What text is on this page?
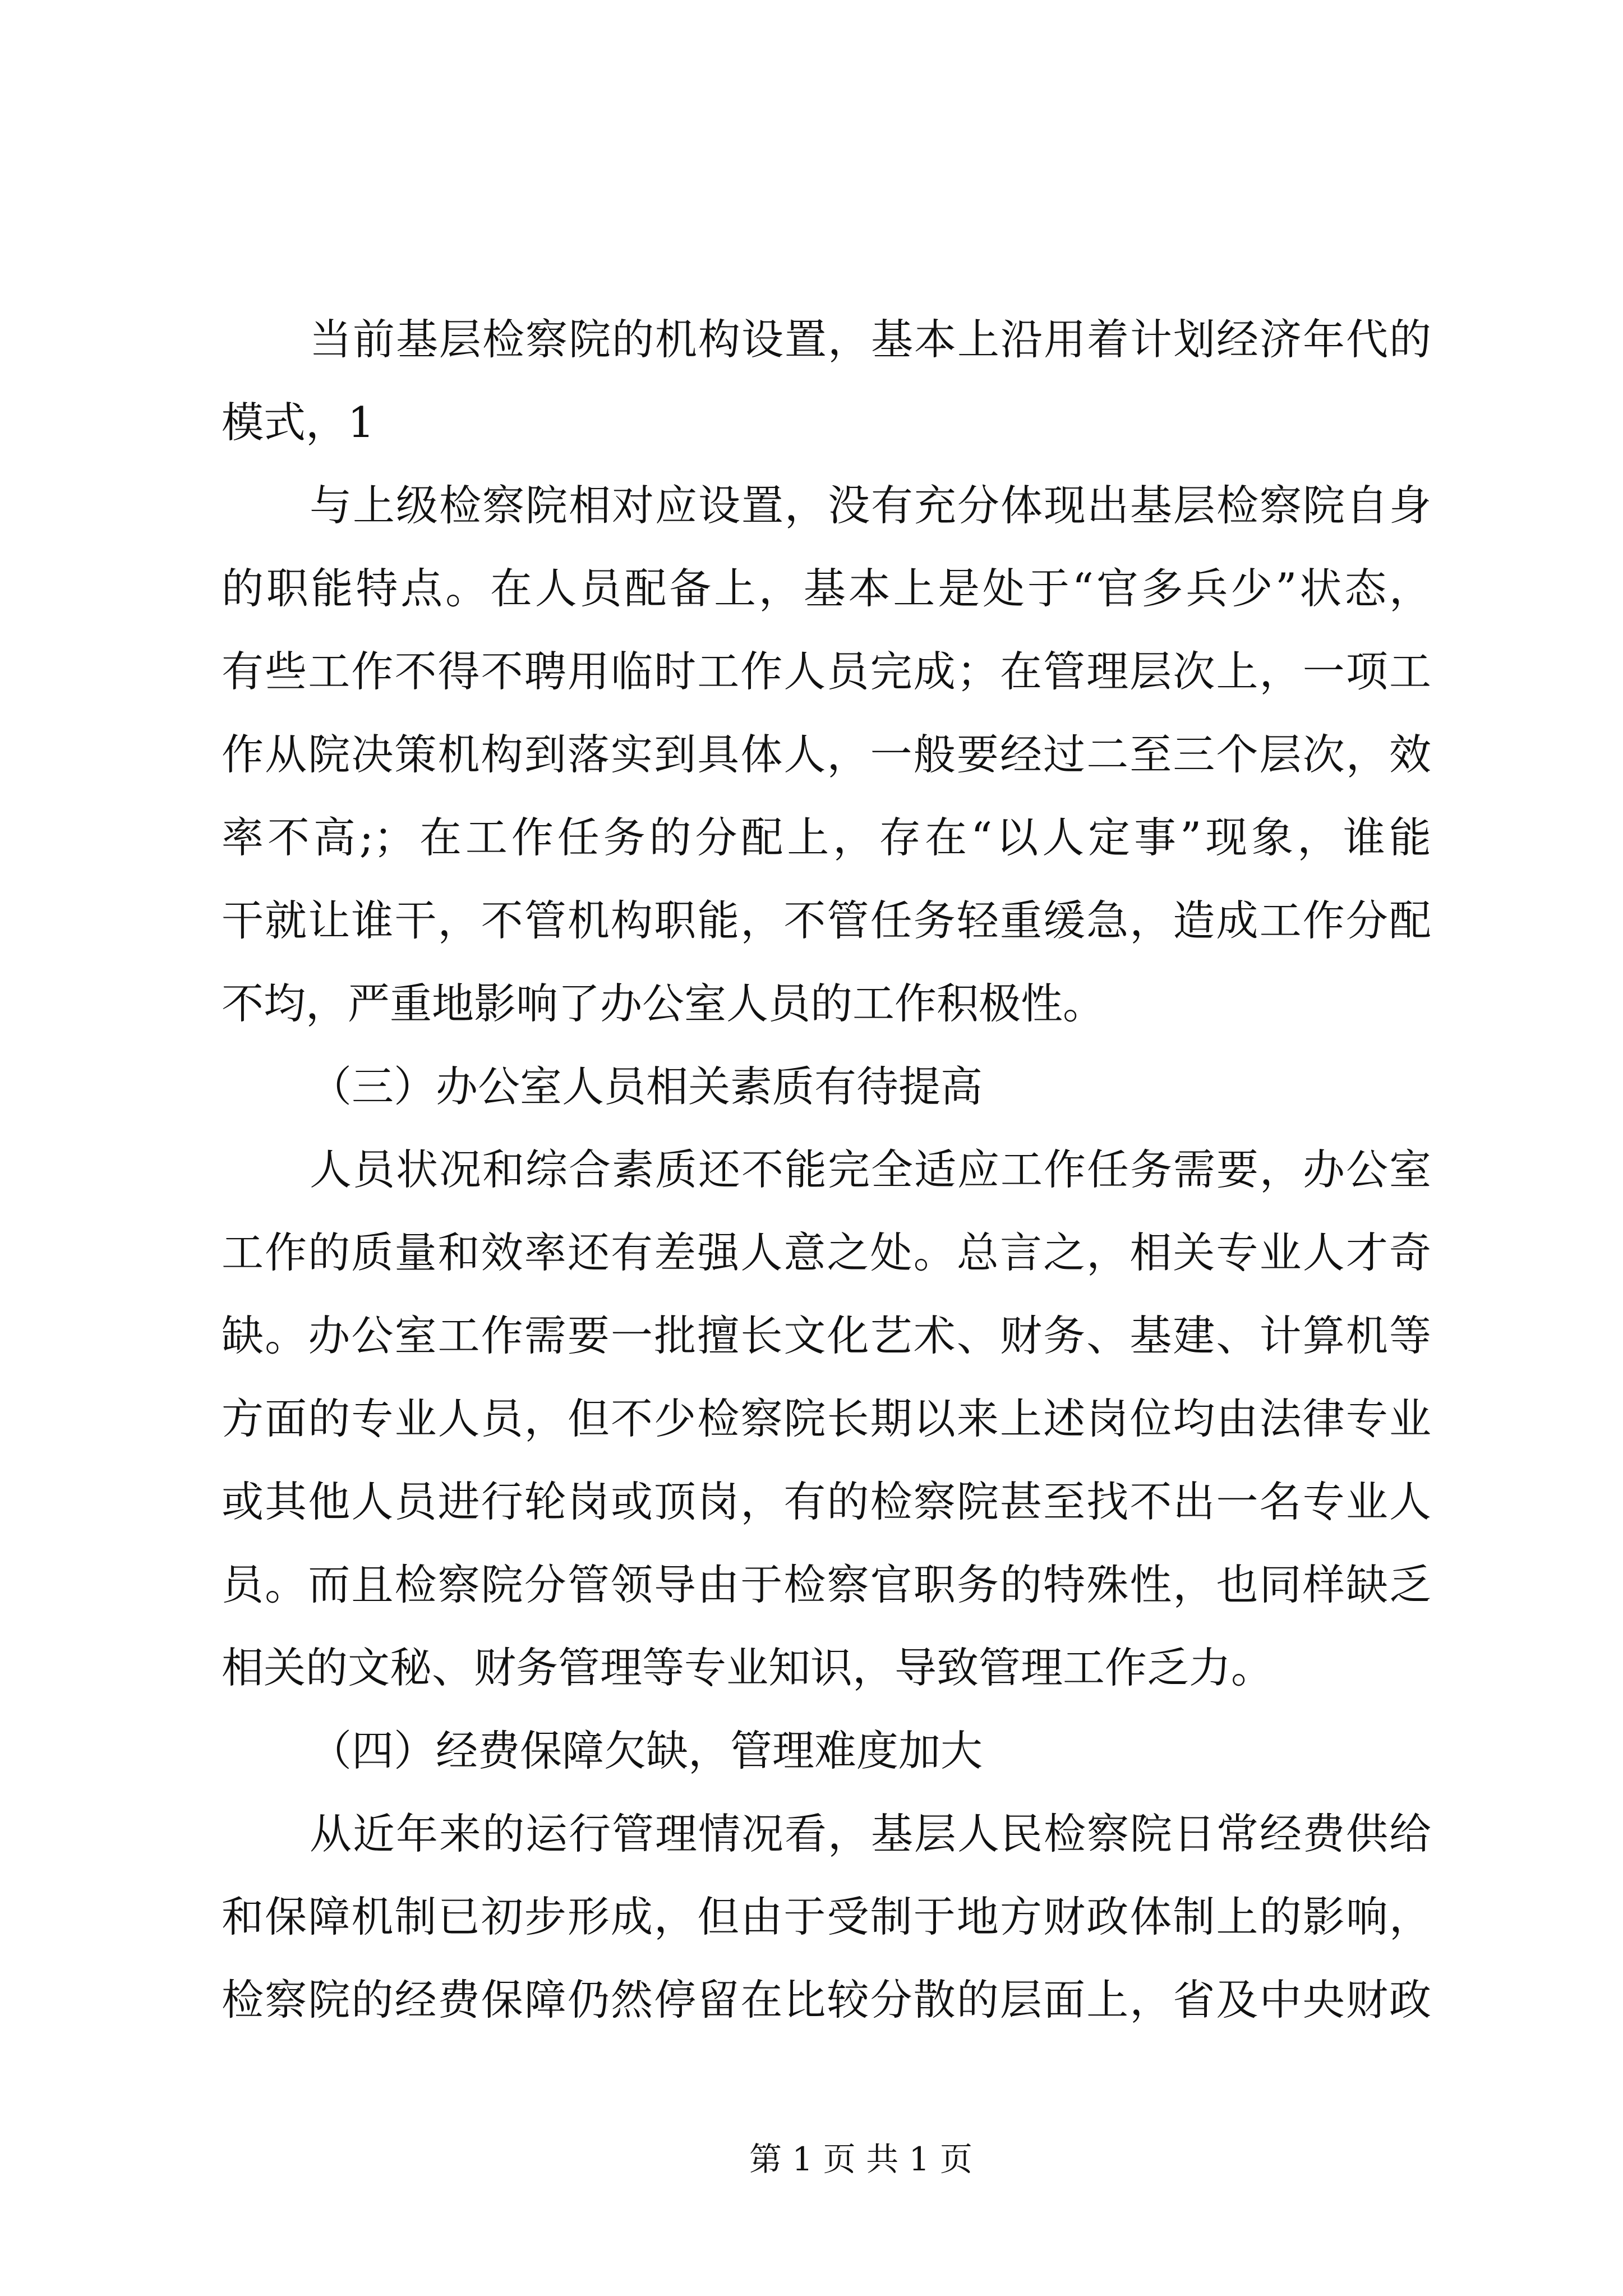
当前基层检察院的机构设置，基本上沿用着计划经济年代的
模式，1
与上级检察院相对应设置，没有充分体现出基层检察院自身
的职能特点。在人员配备上，基本上是处于“官多兵少”状态，
有些工作不得不聘用临时工作人员完成；在管理层次上，一项工
作从院决策机构到落实到具体人，一般要经过二至三个层次，效
率不高;；在工作任务的分配上，存在“以人定事”现象，谁能
干就让谁干，不管机构职能，不管任务轻重缓急，造成工作分配
不均，严重地影响了办公室人员的工作积极性。
（三）办公室人员相关素质有待提高
人员状况和综合素质还不能完全适应工作任务需要，办公室
工作的质量和效率还有差强人意之处。总言之，相关专业人才奇
缺。办公室工作需要一批擅长文化艺术、财务、基建、计算机等
方面的专业人员，但不少检察院长期以来上述岗位均由法律专业
或其他人员进行轮岗或顶岗，有的检察院甚至找不出一名专业人
员。而且检察院分管领导由于检察官职务的特殊性，也同样缺乏
相关的文秘、财务管理等专业知识，导致管理工作乏力。
（四）经费保障欠缺，管理难度加大
从近年来的运行管理情况看，基层人民检察院日常经费供给
和保障机制已初步形成，但由于受制于地方财政体制上的影响，
检察院的经费保障仍然停留在比较分散的层面上，省及中央财政
第 1 页 共 1 页
